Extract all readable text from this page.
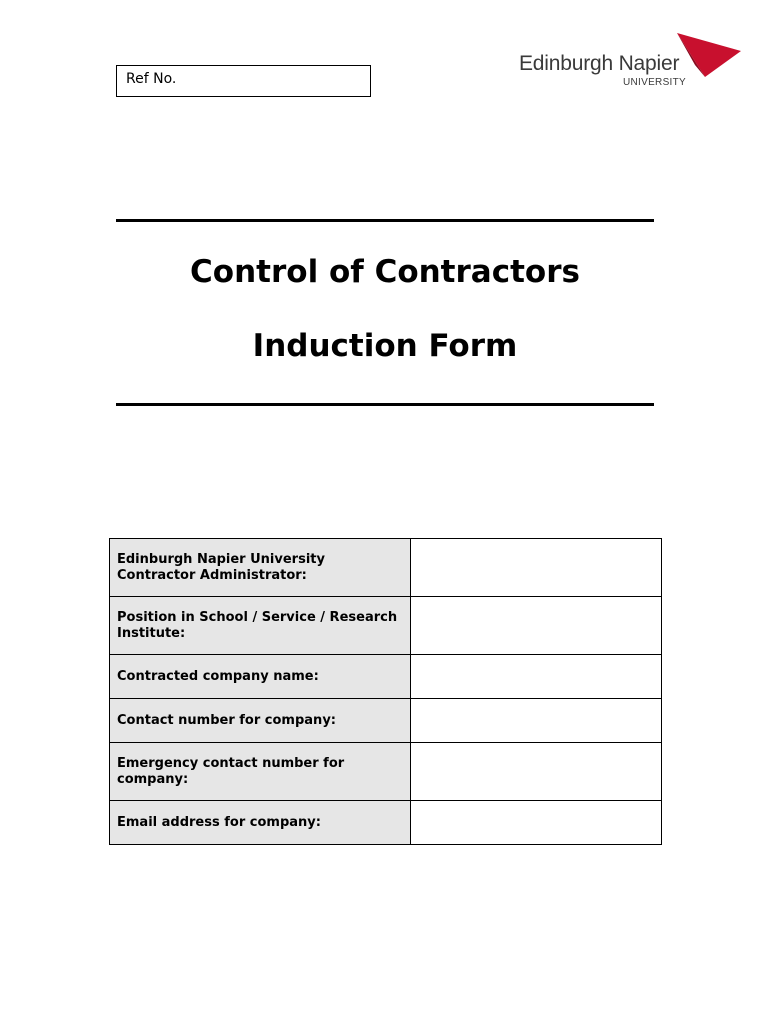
Ref No.
Edinburgh Napier
UNIVERSITY
Control of Contractors
Induction Form
Edinburgh Napier University Contractor Administrator:	
Position in School / Service / Research Institute:	
Contracted company name:	
Contact number for company:	
Emergency contact number for company:	
Email address for company:	
